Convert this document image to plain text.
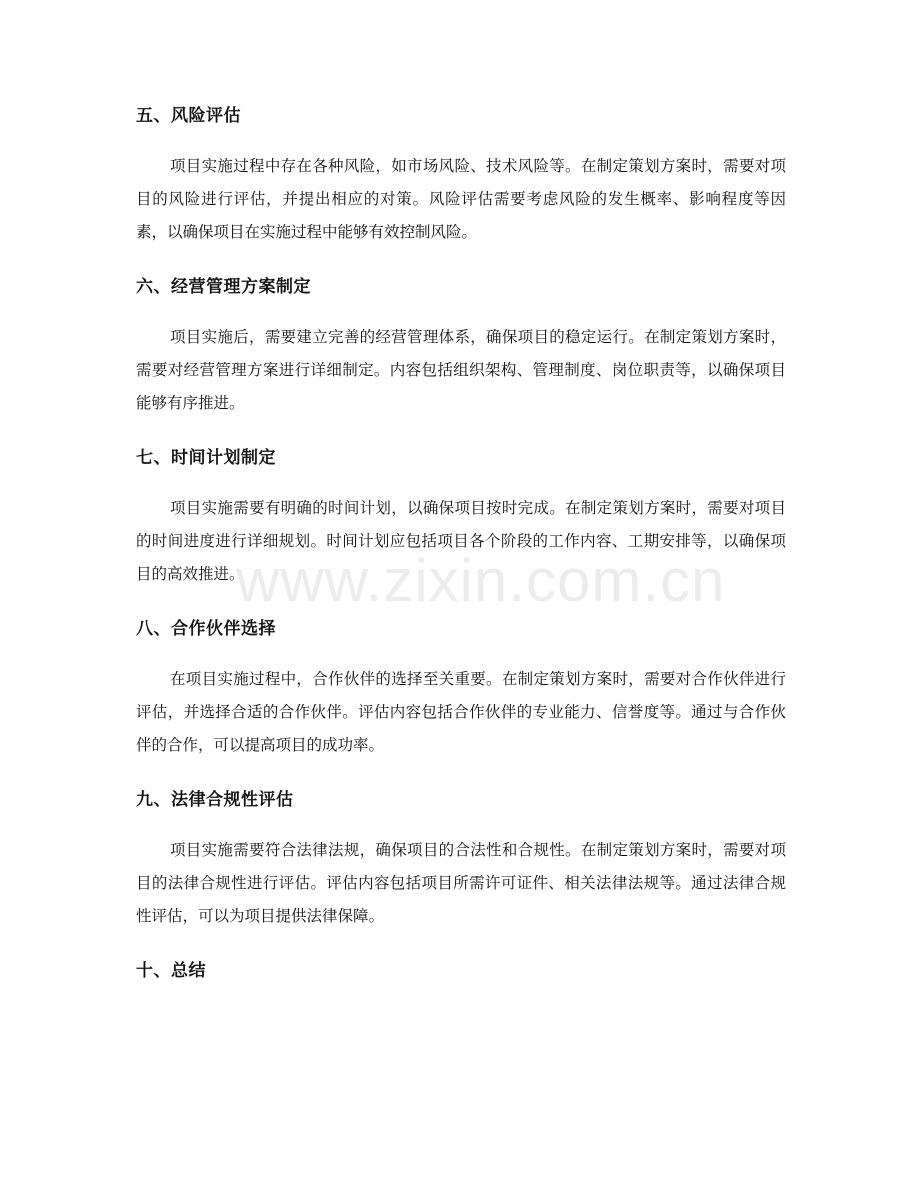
五、风险评估

项目实施过程中存在各种风险，如市场风险、技术风险等。在制定策划方案时，需要对项目的风险进行评估，并提出相应的对策。风险评估需要考虑风险的发生概率、影响程度等因素，以确保项目在实施过程中能够有效控制风险。

六、经营管理方案制定

项目实施后，需要建立完善的经营管理体系，确保项目的稳定运行。在制定策划方案时，需要对经营管理方案进行详细制定。内容包括组织架构、管理制度、岗位职责等，以确保项目能够有序推进。

七、时间计划制定

项目实施需要有明确的时间计划，以确保项目按时完成。在制定策划方案时，需要对项目的时间进度进行详细规划。时间计划应包括项目各个阶段的工作内容、工期安排等，以确保项目的高效推进。

八、合作伙伴选择

在项目实施过程中，合作伙伴的选择至关重要。在制定策划方案时，需要对合作伙伴进行评估，并选择合适的合作伙伴。评估内容包括合作伙伴的专业能力、信誉度等。通过与合作伙伴的合作，可以提高项目的成功率。

九、法律合规性评估

项目实施需要符合法律法规，确保项目的合法性和合规性。在制定策划方案时，需要对项目的法律合规性进行评估。评估内容包括项目所需许可证件、相关法律法规等。通过法律合规性评估，可以为项目提供法律保障。

十、总结
www.zixin.com.cn
